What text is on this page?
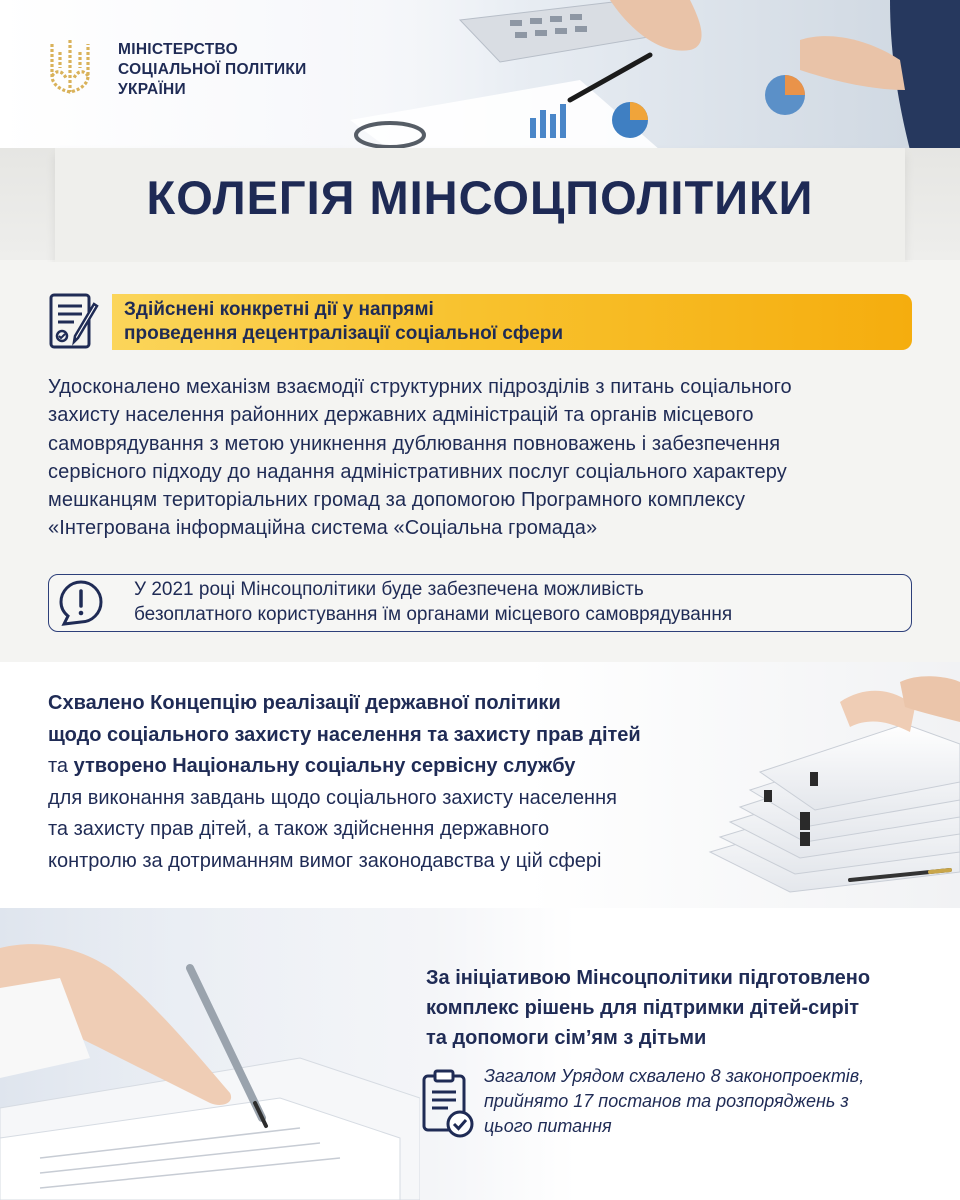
МІНІСТЕРСТВО
СОЦІАЛЬНОЇ ПОЛІТИКИ
УКРАЇНИ
КОЛЕГІЯ МІНСОЦПОЛІТИКИ
Здійснені конкретні дії у напрямі
проведення децентралізації соціальної сфери
Удосконалено механізм взаємодії структурних підрозділів з питань соціального
захисту населення районних державних адміністрацій та органів місцевого
самоврядування з метою уникнення дублювання повноважень і забезпечення
сервісного підходу до надання адміністративних послуг соціального характеру
мешканцям територіальних громад за допомогою Програмного комплексу
«Інтегрована інформаційна система «Соціальна громада»
У 2021 році Мінсоцполітики буде забезпечена можливість
безоплатного користування їм органами місцевого самоврядування
Схвалено Концепцію реалізації державної політики
щодо соціального захисту населення та захисту прав дітей
та утворено Національну соціальну сервісну службу
для виконання завдань щодо соціального захисту населення
та захисту прав дітей, а також здійснення державного
контролю за дотриманням вимог законодавства у цій сфері
За ініціативою Мінсоцполітики підготовлено
комплекс рішень для підтримки дітей-сиріт
та допомоги сім’ям з дітьми
Загалом Урядом схвалено 8 законопроектів,
прийнято 17 постанов та розпоряджень з
цього питання
